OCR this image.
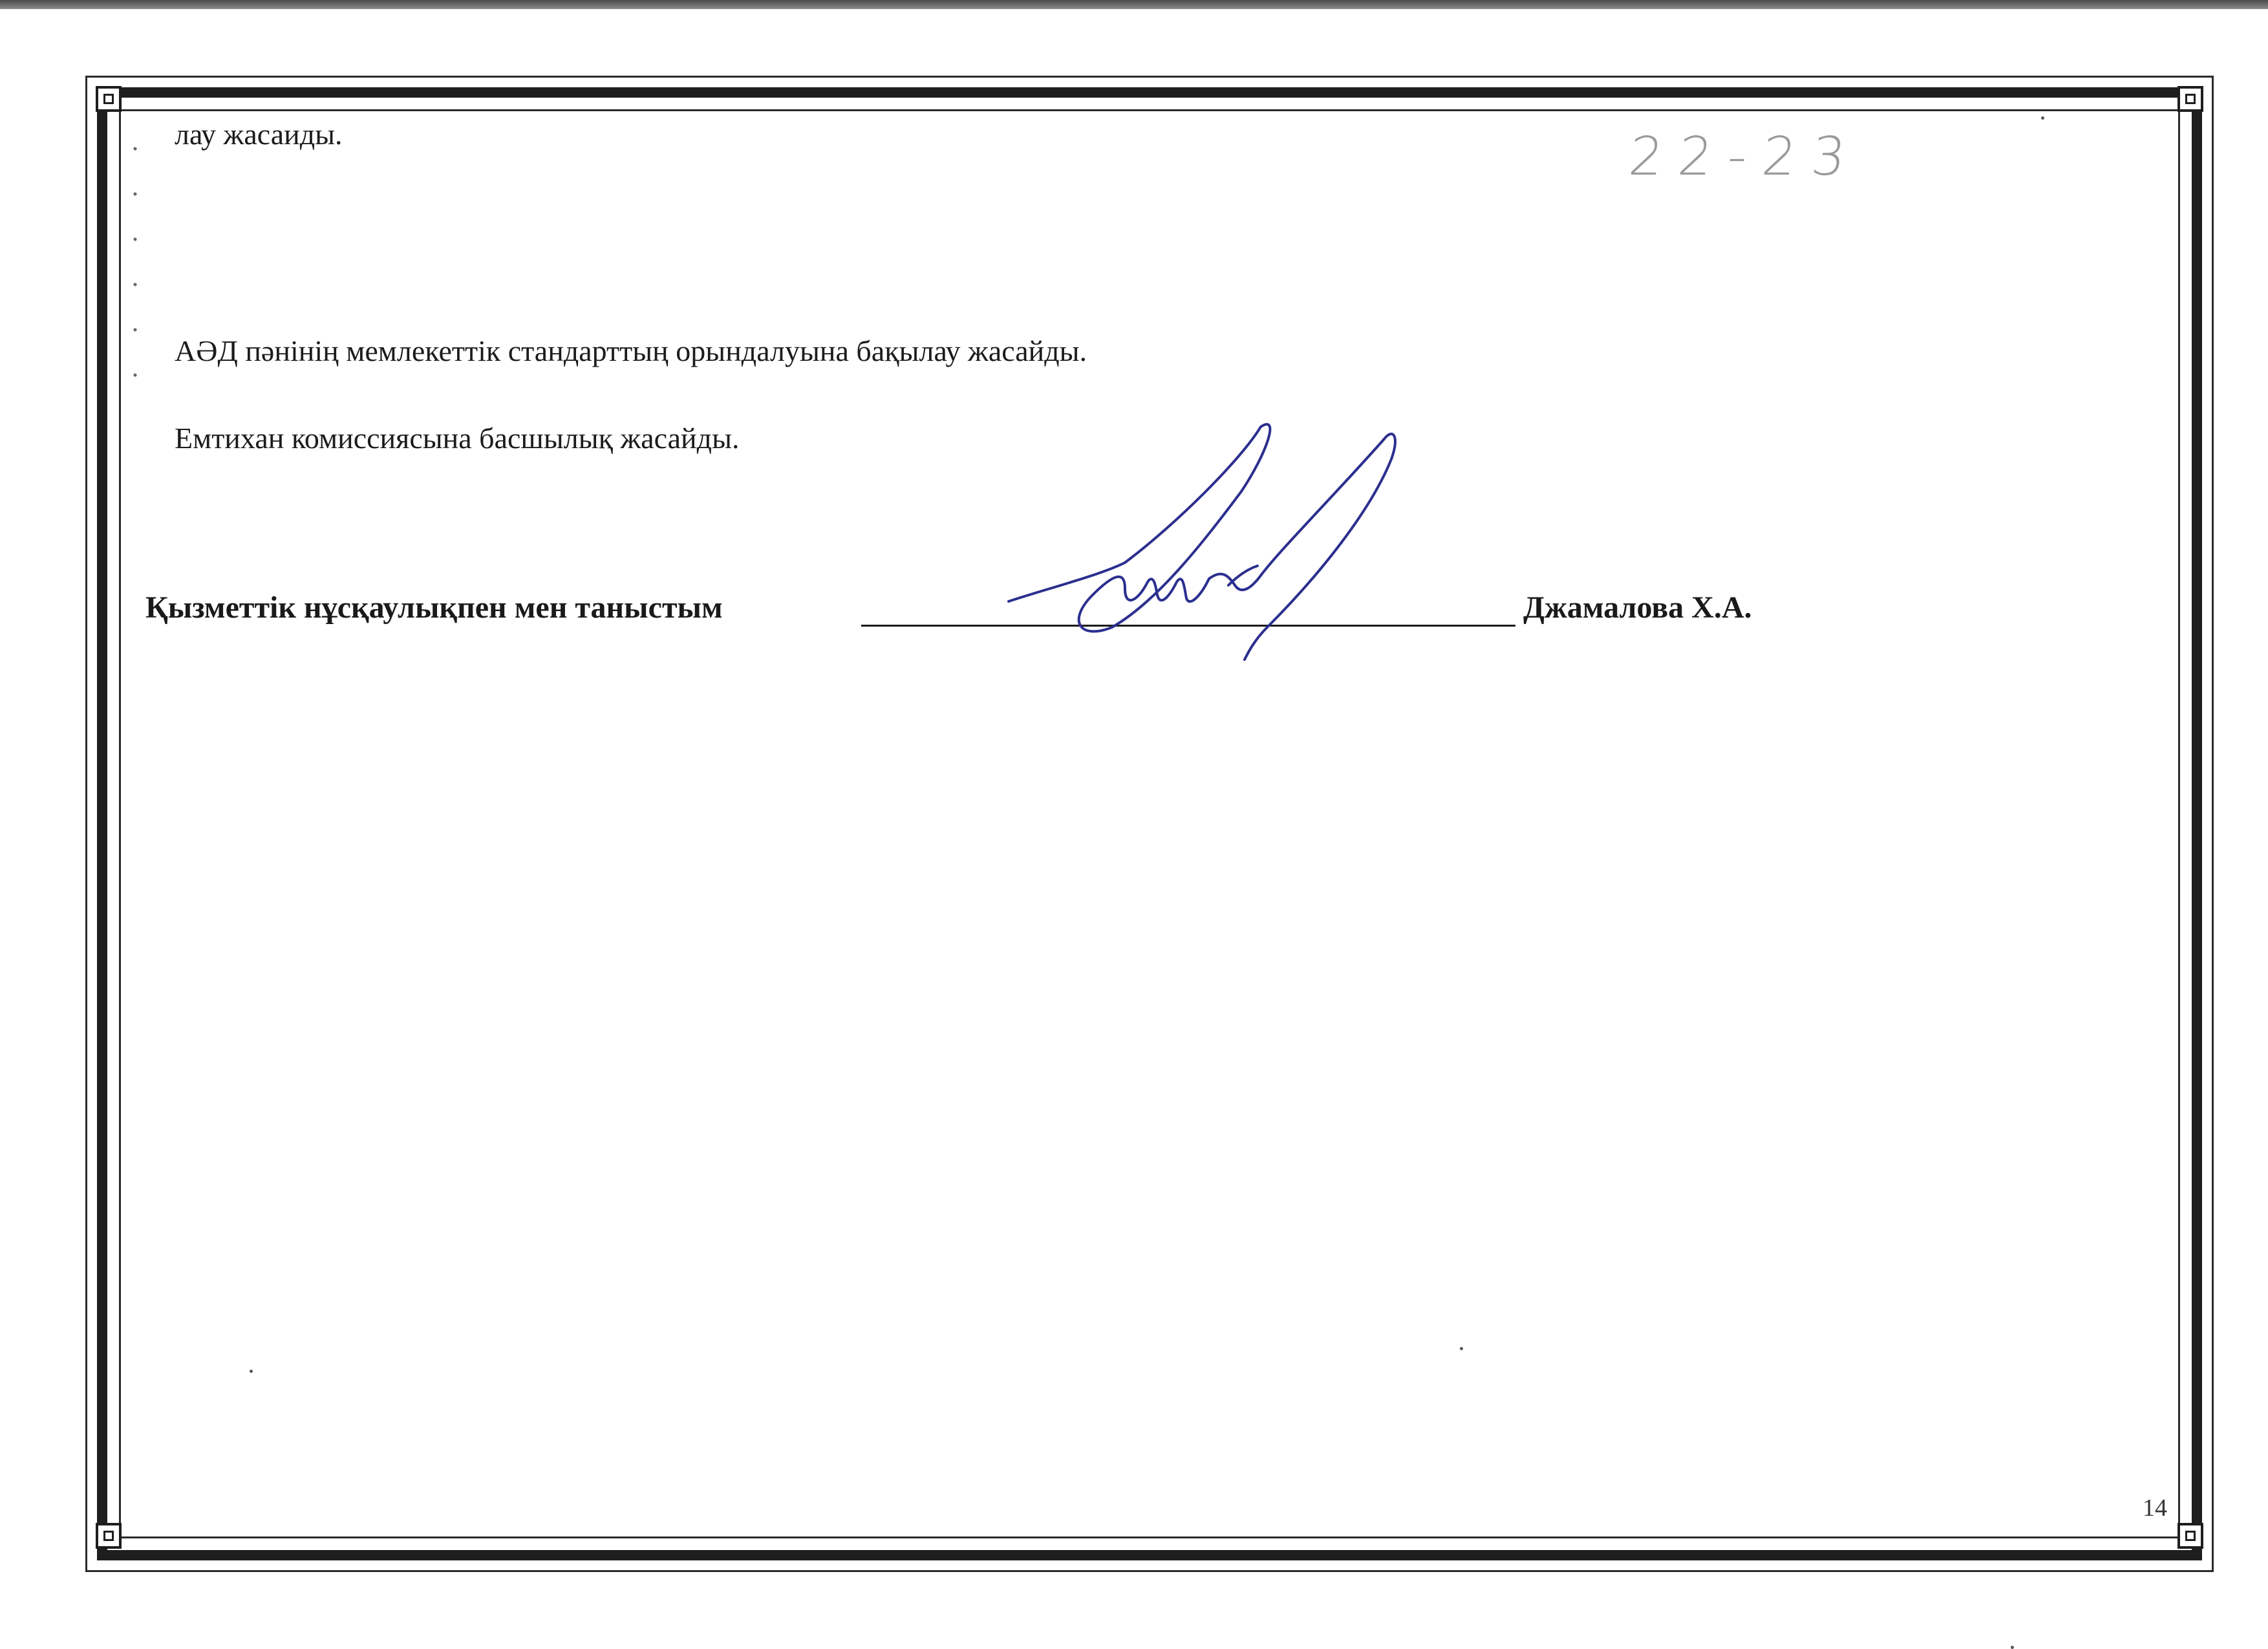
лау жасаиды.
АӘД пәнінің мемлекеттік стандарттың орындалуына бақылау жасайды.
Емтихан комиссиясына басшылық жасайды.
22-23
Қызметтік нұсқаулықпен мен таныстым	Джамалова Х.А.
14
